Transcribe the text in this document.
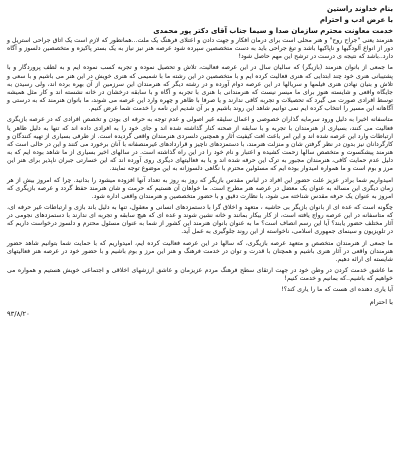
بنام خداوند راستین

با عرض ادب و احترام

خدمت معاونت محترم سازمان صدا و سیما جناب آقای دکتر پور محمدی

هنرمند یعنی "جراح روح" و هنر محلی است برای درمان افکار و جهت دادن و اعتلای فرهنگ یک ملت...همانطور که لازم است یک اتاق جراحی استریل و دور از انواع آلودگیها و ناپاکیها باشد و تیغ جراحی باید به دست متخصصین سپرده شود عرصه هنر نیز نیاز به یک بستر پاکیزه و متخصصین دلسوز و آگاه دارد..باشد که نتیجه ی درست در ترشح این مهم حاصل شود!

ما جمعی از بانوان هنرمند (بازیگر) که سالیان سال در این عرصه فعالیت، تلاش و تحصیل نموده و تجربه کسب نموده ایم و به لطف پروردگار و با پشتیبانی هنری خود چند ابتدایی که هنری فعالیت کرده ایم و با متخصصین در این رشته ما با شمیمی که هنری خویش در این هنر می باشیم و با سعی و تلاش و بنیان نهادن هنری فیلمها و سریالها در این عرصه دوام آورده و در رشته دیگر که هنرمندان این سرزمین از آن بهره برده اند، ولی رسیدن به جایگاه واقعی و شایسته هنوز برای ما میسر نیست که هنرمندانی با هنری با تجربه و آگاه و با سابقه درخشان در خانه نشسته اند و کار مثل همیشه توسط افرادی صورت می گیرد که تحصیلات و تجربه کافی ندارند و یا صرفا با ظاهر و چهره وارد این عرصه می شوند، ما بانوان هنرمند که به درستی و آگاهانه این مسیر را انتخاب کرده ایم نمی توانیم شاهد این روند باشیم و بر آن شدیم این نامه را خدمت شما عرض کنیم.

متاسفانه اخیرا به دلیل ورود سرمایه گذاران خصوصی و اعمال سلیقه غیر اصولی و عدم توجه به حرفه ای بودن و تخصص افرادی که در عرصه بازیگری فعالیت می کنند، بسیاری از هنرمندان با تجربه و با سابقه از صحنه کنار گذاشته شده اند و جای خود را به افرادی داده اند که تنها به دلیل ظاهر یا ارتباطات وارد این عرصه شده اند و این امر باعث افت کیفیت آثار و همچنین دلسردی هنرمندان واقعی گردیده است. از طرفی بسیاری از تهیه کنندگان و کارگردانان نیز بدون در نظر گرفتن شان و منزلت هنرمند، با دستمزدهای ناچیز و قراردادهای غیرمنصفانه با آنان برخورد می کنند و این در حالی است که هنرمند پیشکسوت و متخصص سالها زحمت کشیده و اعتبار و نام خود را در این راه گذاشته است. در سالهای اخیر بسیاری از ما شاهد بوده ایم که به دلیل عدم حمایت کافی، هنرمندان مجبور به ترک این حرفه شده اند و یا به فعالیتهای دیگری روی آورده اند که این خسارتی جبران ناپذیر برای هنر این مرز و بوم است و ما همواره امیدوار بوده ایم که مسئولین محترم با نگاهی دلسوزانه به این موضوع توجه نمایند.

امیدواریم شما برادر عزیز علت حضور این افراد در لباس مقدس بازیگر که روز به روز به تعداد آنها افزوده میشود را بدانید. چرا که امروز بیش از هر زمان دیگری این مساله به عنوان یک معضل در عرصه هنر مطرح است. ما خواهان آن هستیم که حرمت و شان هنرمند حفظ گردد و عرصه بازیگری که امروز به عنوان یک حرفه مقدس شناخته می شود، با نظارت دقیق و با حضور متخصصین و هنرمندان واقعی اداره شود.

چگونه است که عده ای از بانوان بازیگر بی حاشیه ، متعهد و اخلاق گرا با دستمزدهای انسانی و معقول، تنها به دلیل باند بازی و ارتباطات غیر حرفه ای، که متاسفانه در این عرصه رواج یافته است، از کار بیکار بمانند و خانه نشین شوند و عده ای که هیچ سابقه و تجربه ای ندارند با دستمزدهای نجومی در آثار مختلف حضور یابند؟ آیا این رسم انصاف است؟ ما به عنوان بانوان هنرمند این کشور از شما به عنوان مسئول محترم و دلسوز درخواست داریم که در تلویزیون و سینمای جمهوری اسلامی، ناخواسته از این روند جلوگیری به عمل آید.

ما جمعی از هنرمندان متخصص و متعهد عرصه بازیگری، که سالها در این عرصه فعالیت کرده ایم، امیدواریم که با حمایت شما بتوانیم شاهد حضور هنرمندان واقعی در آثار هنری باشیم و همچنان با قدرت و توان در خدمت فرهنگ و هنر این مرز و بوم باشیم و با حضور خود در عرصه هنر فعالیتهای شایسته ای ارائه دهیم.

ما عاشق خدمت کردن در وطن خود در جهت ارتقای سطح فرهنگ مردم عزیزمان و عاشق ارزشهای اخلاقی و اجتماعی خویش هستیم و همواره می خواهیم که باشیم..که بمانیم و خدمت کنیم!

آیا یاری دهنده ای هست که ما را یاری کند؟!

با احترام

۹۳/۸/۲۰
